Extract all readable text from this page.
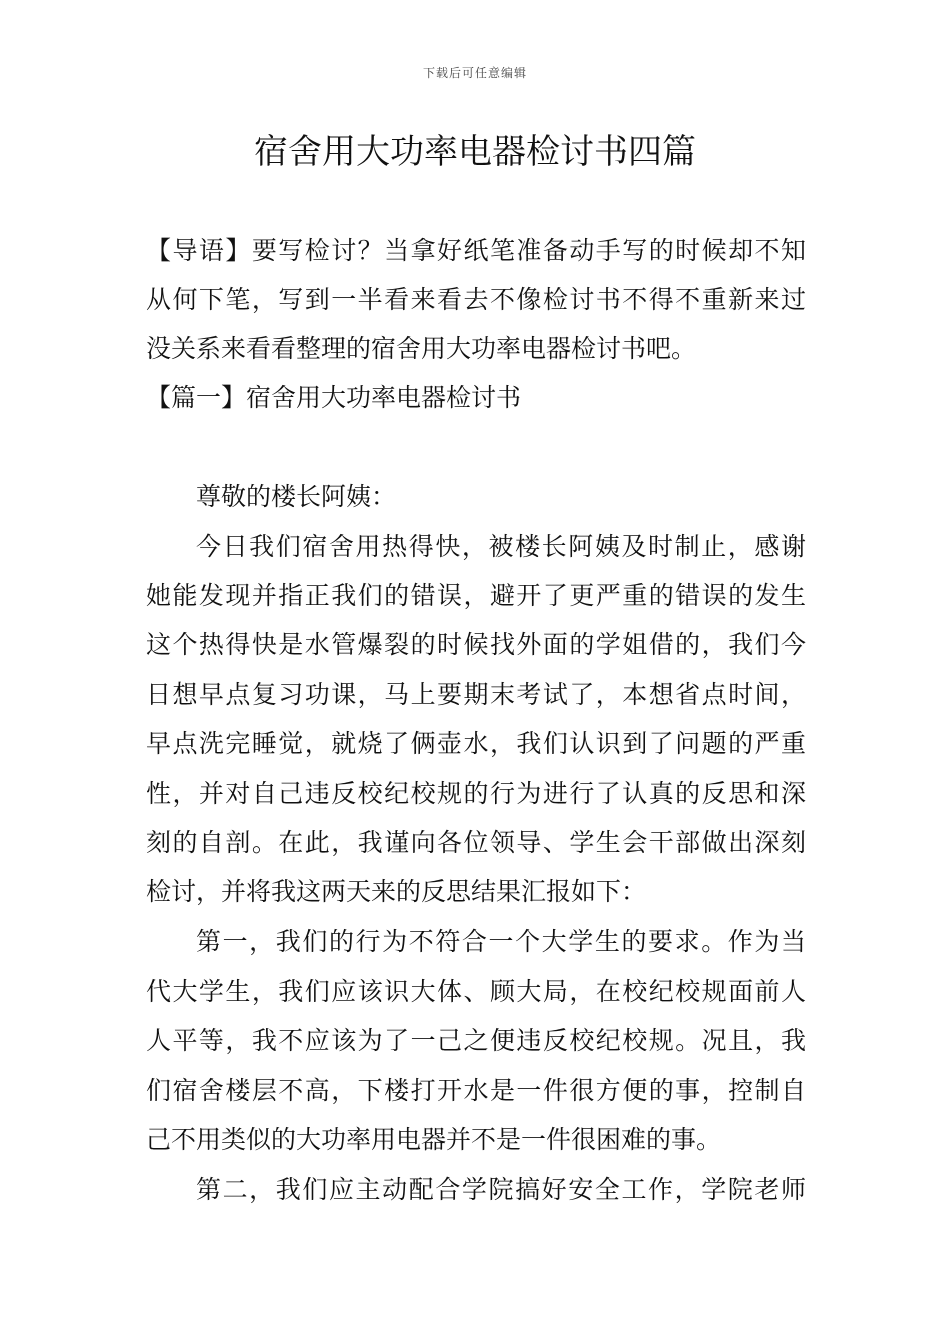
下载后可任意编辑
宿舍用大功率电器检讨书四篇
【导语】要写检讨？当拿好纸笔准备动手写的时候却不知
从何下笔，写到一半看来看去不像检讨书不得不重新来过
没关系来看看整理的宿舍用大功率电器检讨书吧。
【篇一】宿舍用大功率电器检讨书
尊敬的楼长阿姨：
今日我们宿舍用热得快，被楼长阿姨及时制止，感谢
她能发现并指正我们的错误，避开了更严重的错误的发生
这个热得快是水管爆裂的时候找外面的学姐借的，我们今
日想早点复习功课，马上要期末考试了，本想省点时间，
早点洗完睡觉，就烧了俩壶水，我们认识到了问题的严重
性，并对自己违反校纪校规的行为进行了认真的反思和深
刻的自剖。在此，我谨向各位领导、学生会干部做出深刻
检讨，并将我这两天来的反思结果汇报如下：
第一，我们的行为不符合一个大学生的要求。作为当
代大学生，我们应该识大体、顾大局，在校纪校规面前人
人平等，我不应该为了一己之便违反校纪校规。况且，我
们宿舍楼层不高，下楼打开水是一件很方便的事，控制自
己不用类似的大功率用电器并不是一件很困难的事。
第二，我们应主动配合学院搞好安全工作，学院老师
